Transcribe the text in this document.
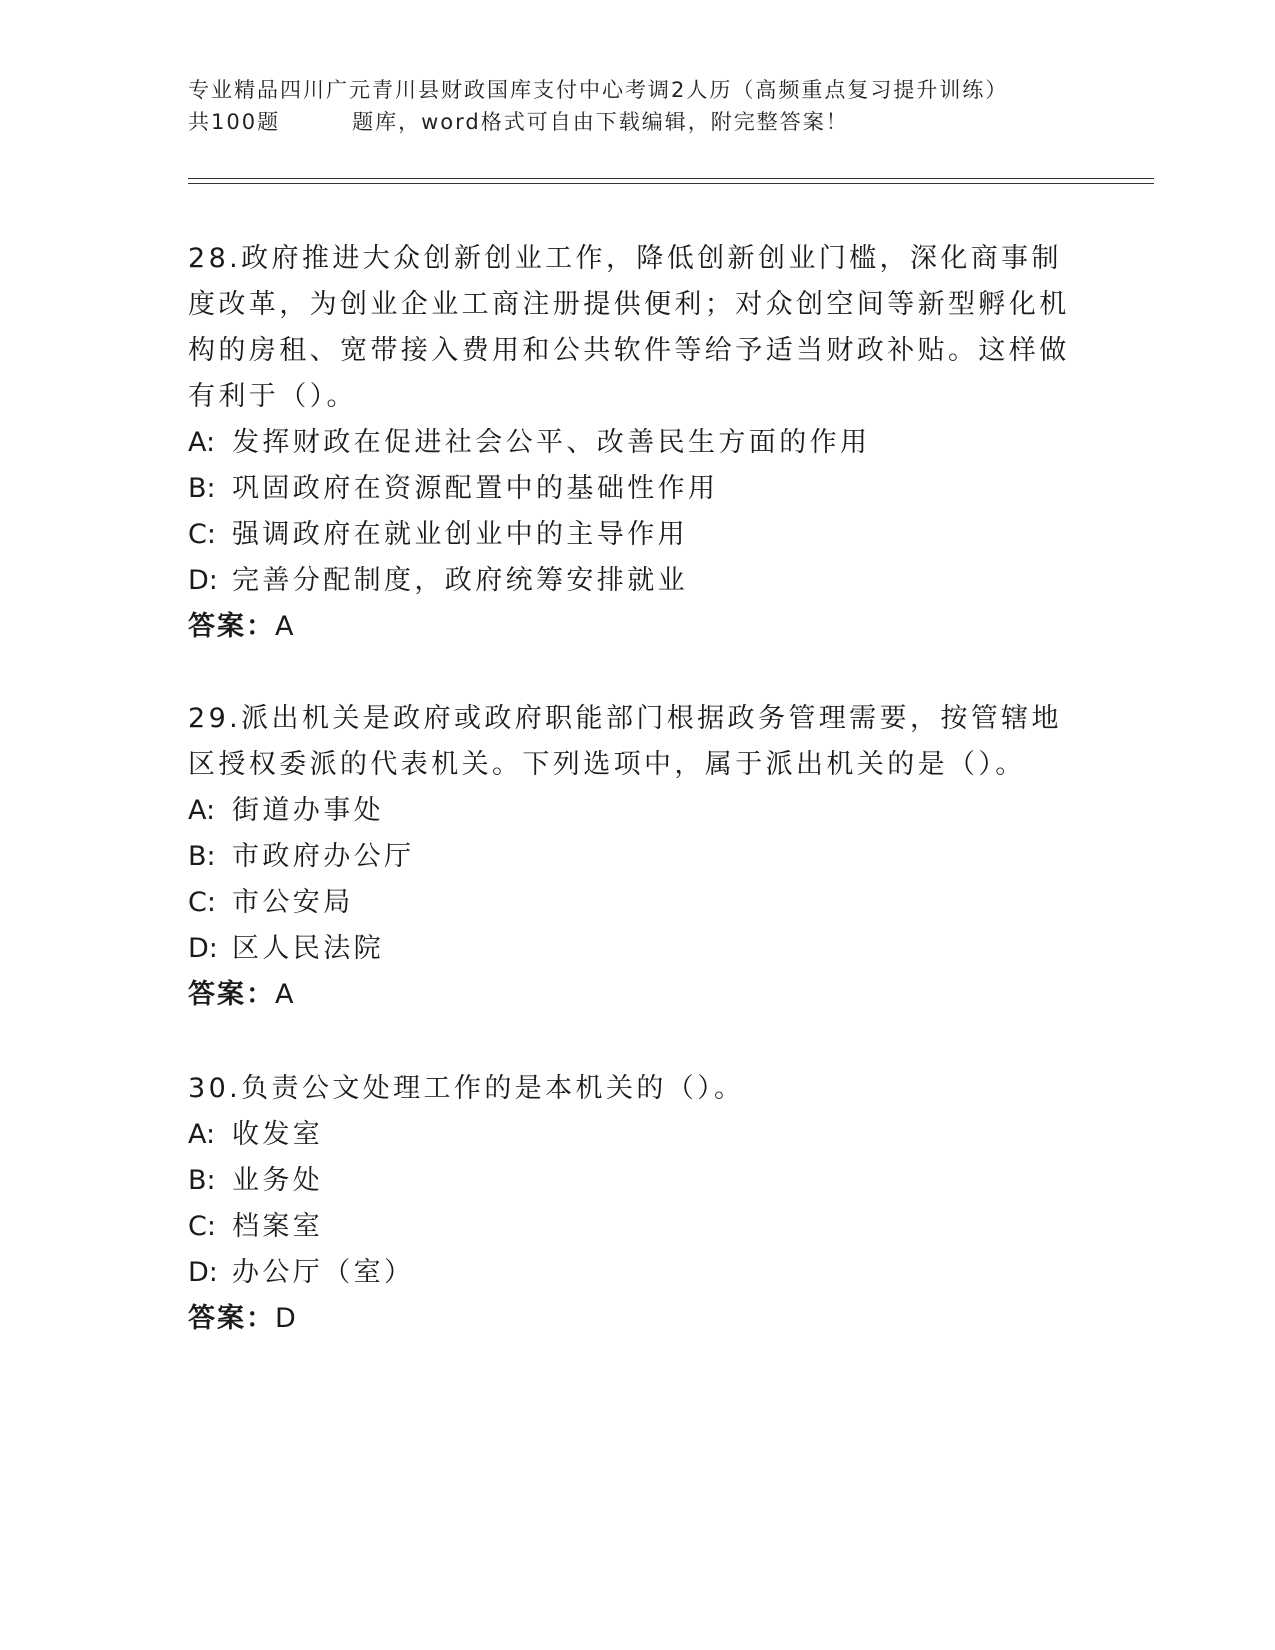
专业精品四川广元青川县财政国库支付中心考调2人历（高频重点复习提升训练）
共100题	题库，word格式可自由下载编辑，附完整答案！

28.政府推进大众创新创业工作，降低创新创业门槛，深化商事制度改革，为创业企业工商注册提供便利；对众创空间等新型孵化机构的房租、宽带接入费用和公共软件等给予适当财政补贴。这样做有利于（）。

A: 发挥财政在促进社会公平、改善民生方面的作用

B: 巩固政府在资源配置中的基础性作用

C: 强调政府在就业创业中的主导作用

D: 完善分配制度，政府统筹安排就业

答案：A

29.派出机关是政府或政府职能部门根据政务管理需要，按管辖地区授权委派的代表机关。下列选项中，属于派出机关的是（）。

A: 街道办事处

B: 市政府办公厅

C: 市公安局

D: 区人民法院

答案：A

30.负责公文处理工作的是本机关的（）。

A: 收发室

B: 业务处

C: 档案室

D: 办公厅（室）

答案：D
